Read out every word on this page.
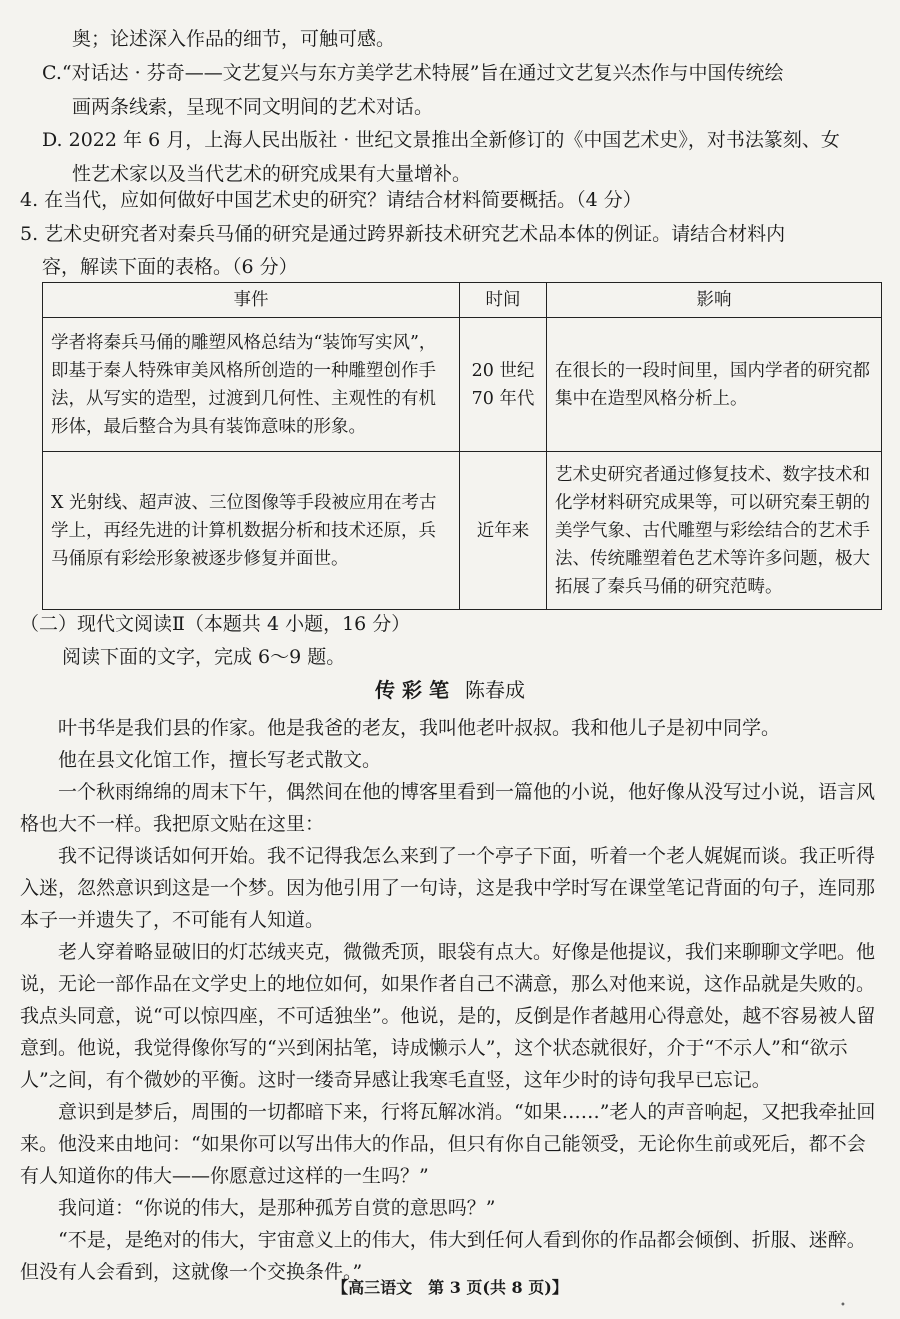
奥；论述深入作品的细节，可触可感。
C.“对话达 · 芬奇——文艺复兴与东方美学艺术特展”旨在通过文艺复兴杰作与中国传统绘
画两条线索，呈现不同文明间的艺术对话。
D. 2022 年 6 月，上海人民出版社 · 世纪文景推出全新修订的《中国艺术史》，对书法篆刻、女
性艺术家以及当代艺术的研究成果有大量增补。
4. 在当代，应如何做好中国艺术史的研究？请结合材料简要概括。（4 分）
5. 艺术史研究者对秦兵马俑的研究是通过跨界新技术研究艺术品本体的例证。请结合材料内
容，解读下面的表格。（6 分）
事件	时间	影响
学者将秦兵马俑的雕塑风格总结为“装饰写实风”，即基于秦人特殊审美风格所创造的一种雕塑创作手法，从写实的造型，过渡到几何性、主观性的有机形体，最后整合为具有装饰意味的形象。	20 世纪 70 年代	在很长的一段时间里，国内学者的研究都集中在造型风格分析上。
X 光射线、超声波、三位图像等手段被应用在考古学上，再经先进的计算机数据分析和技术还原，兵马俑原有彩绘形象被逐步修复并面世。	近年来	艺术史研究者通过修复技术、数字技术和化学材料研究成果等，可以研究秦王朝的美学气象、古代雕塑与彩绘结合的艺术手法、传统雕塑着色艺术等许多问题，极大拓展了秦兵马俑的研究范畴。
（二）现代文阅读Ⅱ（本题共 4 小题，16 分）
阅读下面的文字，完成 6～9 题。
传 彩 笔 陈春成

叶书华是我们县的作家。他是我爸的老友，我叫他老叶叔叔。我和他儿子是初中同学。

他在县文化馆工作，擅长写老式散文。

一个秋雨绵绵的周末下午，偶然间在他的博客里看到一篇他的小说，他好像从没写过小说，语言风格也大不一样。我把原文贴在这里：

我不记得谈话如何开始。我不记得我怎么来到了一个亭子下面，听着一个老人娓娓而谈。我正听得入迷，忽然意识到这是一个梦。因为他引用了一句诗，这是我中学时写在课堂笔记背面的句子，连同那本子一并遗失了，不可能有人知道。

老人穿着略显破旧的灯芯绒夹克，微微秃顶，眼袋有点大。好像是他提议，我们来聊聊文学吧。他说，无论一部作品在文学史上的地位如何，如果作者自己不满意，那么对他来说，这作品就是失败的。我点头同意，说“可以惊四座，不可适独坐”。他说，是的，反倒是作者越用心得意处，越不容易被人留意到。他说，我觉得像你写的“兴到闲拈笔，诗成懒示人”，这个状态就很好，介于“不示人”和“欲示人”之间，有个微妙的平衡。这时一缕奇异感让我寒毛直竖，这年少时的诗句我早已忘记。

意识到是梦后，周围的一切都暗下来，行将瓦解冰消。“如果……”老人的声音响起，又把我牵扯回来。他没来由地问：“如果你可以写出伟大的作品，但只有你自己能领受，无论你生前或死后，都不会有人知道你的伟大——你愿意过这样的一生吗？”

我问道：“你说的伟大，是那种孤芳自赏的意思吗？”

“不是，是绝对的伟大，宇宙意义上的伟大，伟大到任何人看到你的作品都会倾倒、折服、迷醉。但没有人会看到，这就像一个交换条件。”

【高三语文　第 3 页(共 8 页)】
•
